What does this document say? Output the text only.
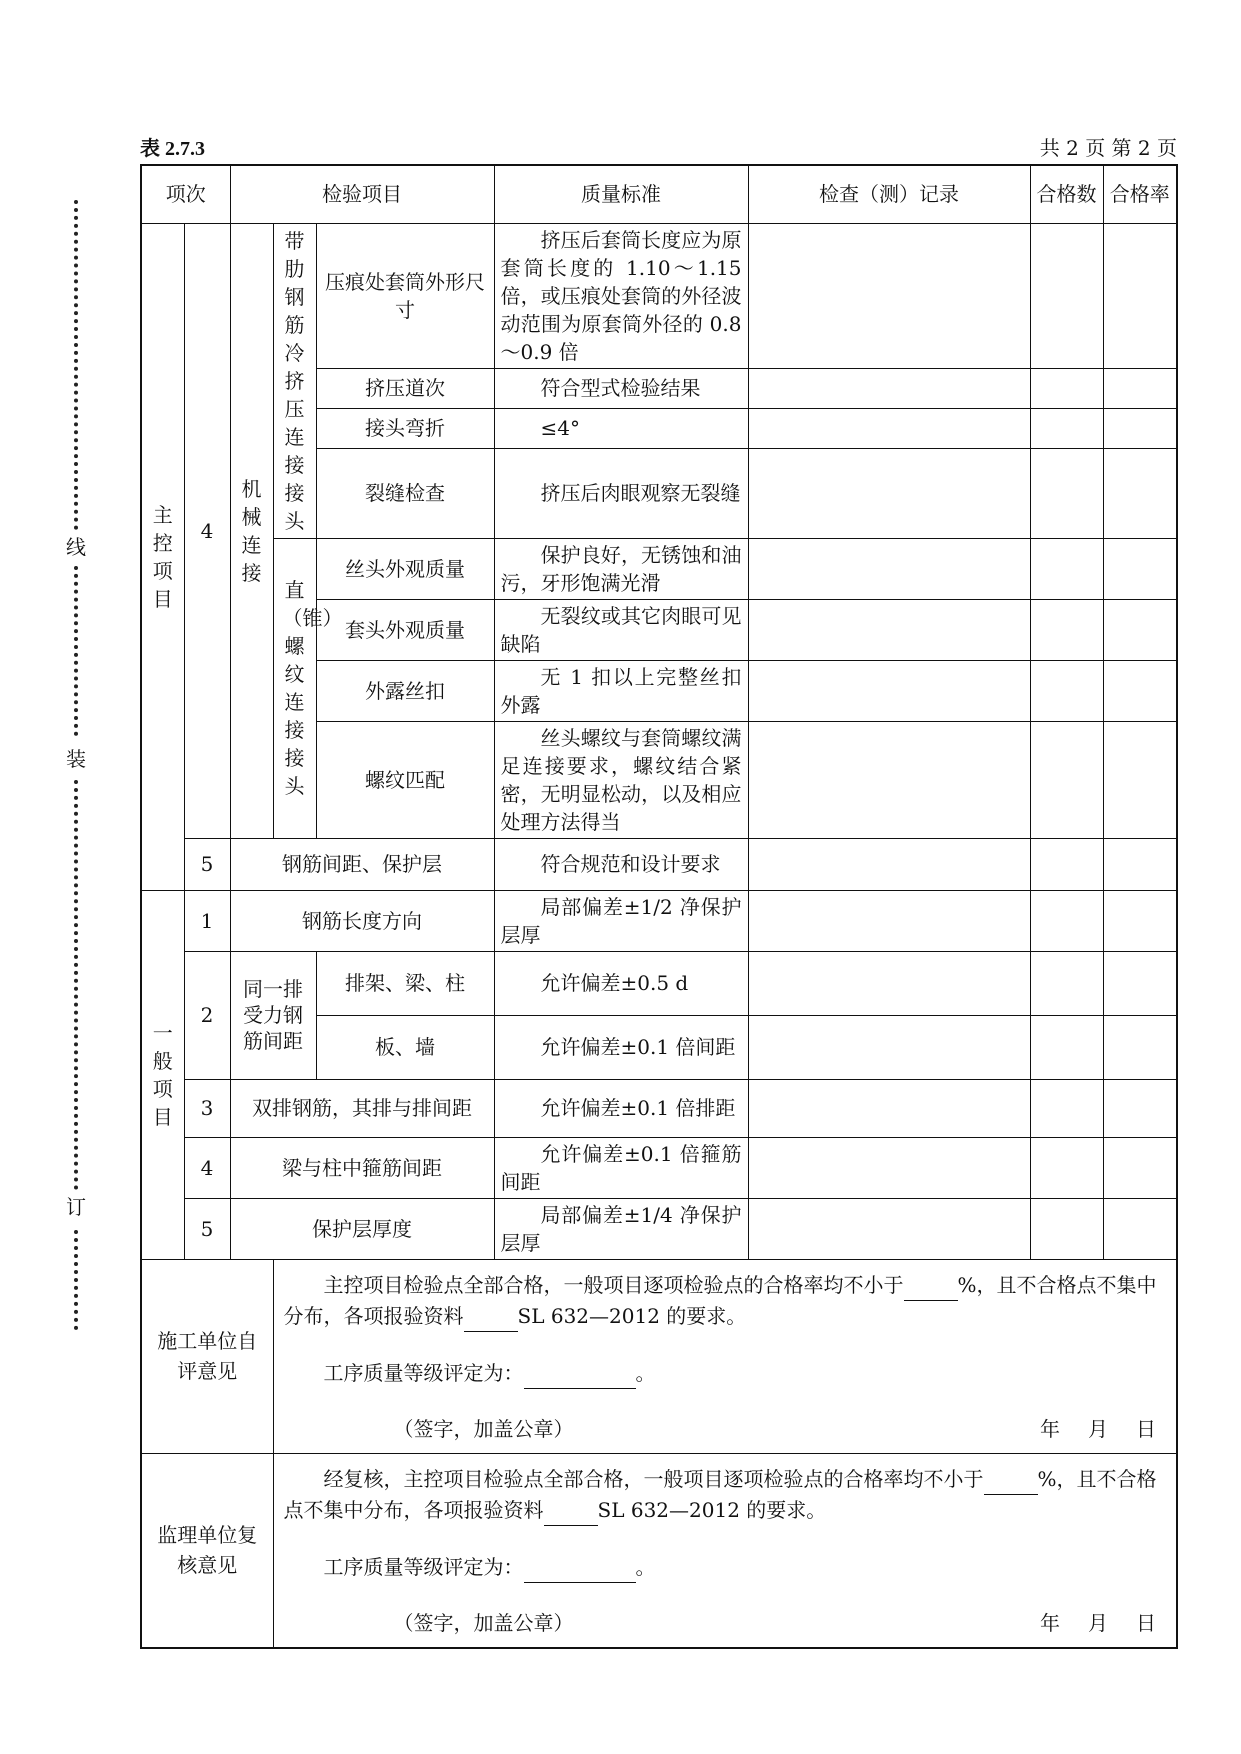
线
装
订
表 2.7.3	共 2 页 第 2 页
项次		检验项目			质量标准	检查（测）记录	合格数	合格率
主控项目	4	机械连接	带肋钢筋冷挤压连接接头	压痕处套筒外形尺寸	挤压后套筒长度应为原套筒长度的 1.10～1.15 倍，或压痕处套筒的外径波动范围为原套筒外径的 0.8～0.9 倍			
				挤压道次	符合型式检验结果			
				接头弯折	≤4°			
				裂缝检查	挤压后肉眼观察无裂缝			
			直（锥）螺纹连接接头	丝头外观质量	保护良好，无锈蚀和油污，牙形饱满光滑			
				套头外观质量	无裂纹或其它肉眼可见缺陷			
				外露丝扣	无 1 扣以上完整丝扣外露			
				螺纹匹配	丝头螺纹与套筒螺纹满足连接要求，螺纹结合紧密，无明显松动，以及相应处理方法得当			
	5	钢筋间距、保护层			符合规范和设计要求			
一般项目	1	钢筋长度方向			局部偏差±1/2 净保护层厚			
	2	同一排受力钢筋间距		排架、梁、柱	允许偏差±0.5 d			
				板、墙	允许偏差±0.1 倍间距			
	3	双排钢筋，其排与排间距			允许偏差±0.1 倍排距			
	4	梁与柱中箍筋间距			允许偏差±0.1 倍箍筋间距			
	5	保护层厚度			局部偏差±1/4 净保护层厚			
施工单位自评意见			主控项目检验点全部合格，一般项目逐项检验点的合格率均不小于 %，且不合格点不集中分布，各项报验资料 SL 632—2012 的要求。

工序质量等级评定为： 。

（签字，加盖公章） 年 月 日					

监理单位复核意见			经复核，主控项目检验点全部合格，一般项目逐项检验点的合格率均不小于 %，且不合格点不集中分布，各项报验资料 SL 632—2012 的要求。

工序质量等级评定为： 。

（签字，加盖公章） 年 月 日					
